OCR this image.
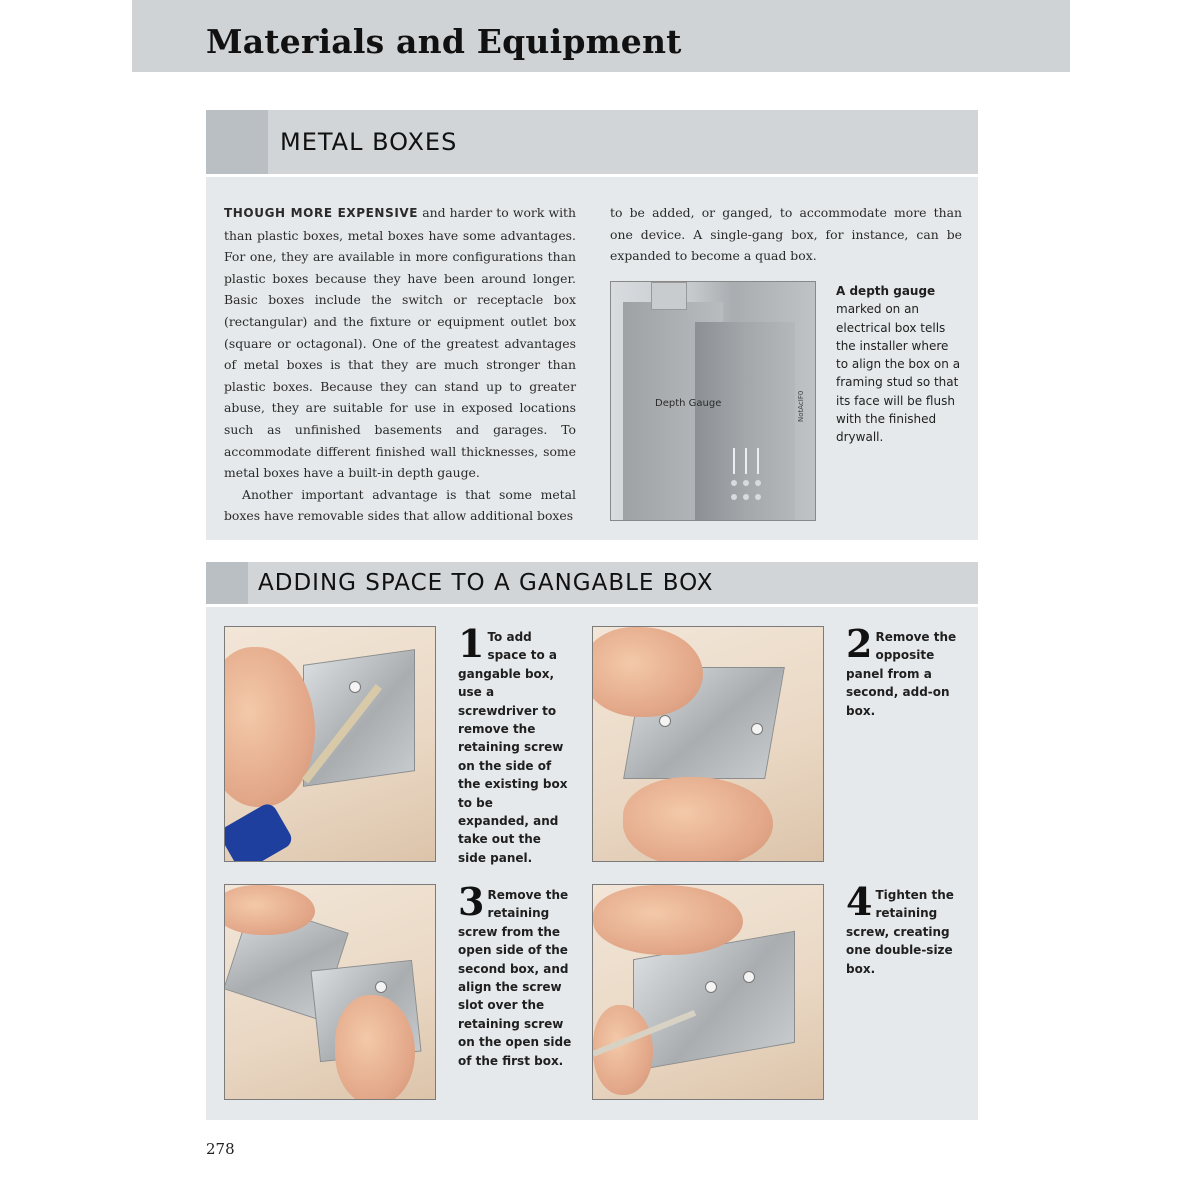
Materials and Equipment
METAL BOXES
THOUGH MORE EXPENSIVE and harder to work with than plastic boxes, metal boxes have some advantages. For one, they are available in more configurations than plastic boxes because they have been around longer. Basic boxes include the switch or receptacle box (rectangular) and the fixture or equipment outlet box (square or octagonal). One of the greatest advantages of metal boxes is that they are much stronger than plastic boxes. Because they can stand up to greater abuse, they are suitable for use in exposed locations such as unfinished basements and garages. To accommodate different finished wall thicknesses, some metal boxes have a built-in depth gauge.
Another important advantage is that some metal boxes have removable sides that allow additional boxes
to be added, or ganged, to accommodate more than one device. A single-gang box, for instance, can be expanded to become a quad box.
Depth Gauge	NotAcIF0
A depth gauge marked on an electrical box tells the installer where to align the box on a framing stud so that its face will be flush with the finished drywall.
ADDING SPACE TO A GANGABLE BOX
1 To add space to a gangable box, use a screwdriver to remove the retaining screw on the side of the existing box to be expanded, and take out the side panel.
2 Remove the opposite panel from a second, add-on box.
3 Remove the retaining screw from the open side of the second box, and align the screw slot over the retaining screw on the open side of the first box.
4 Tighten the retaining screw, creating one double-size box.
278
